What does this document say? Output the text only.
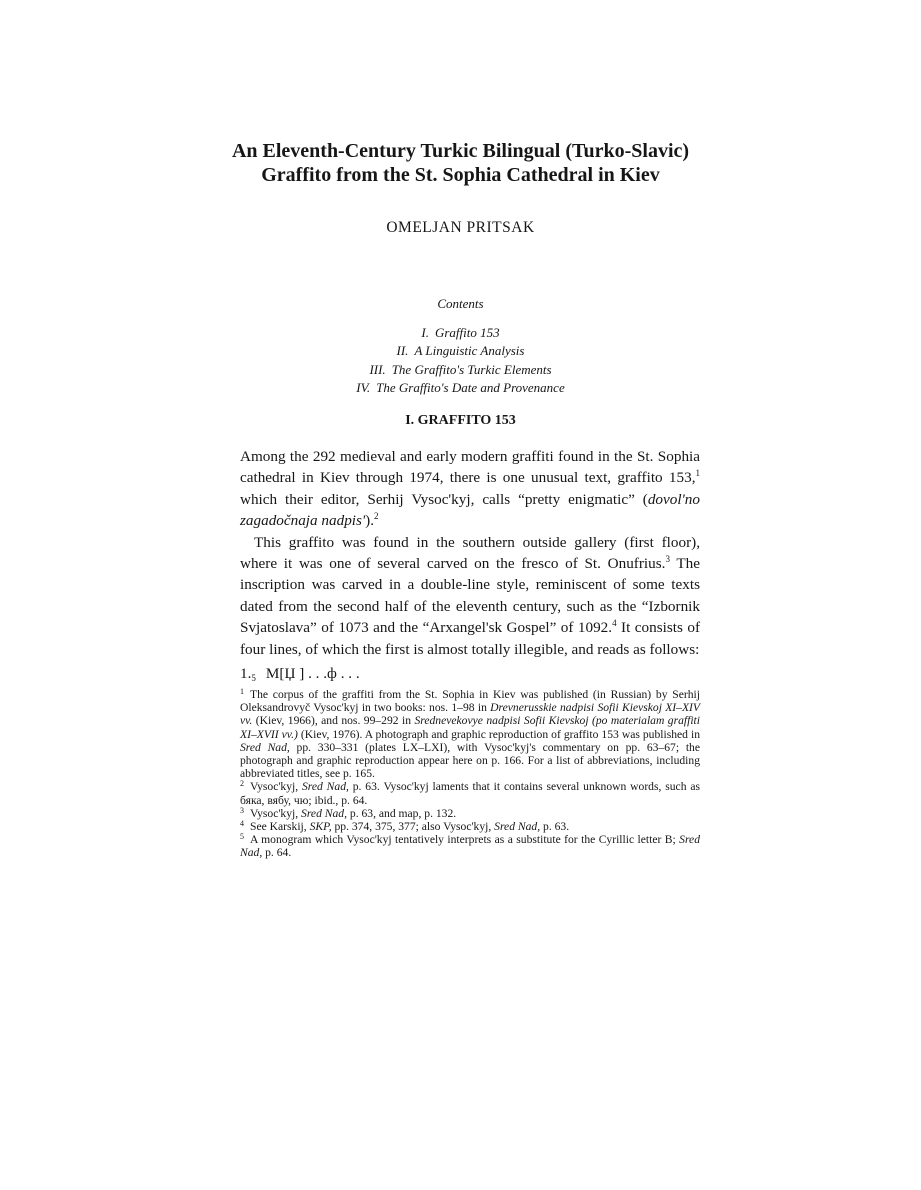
An Eleventh-Century Turkic Bilingual (Turko-Slavic)
Graffito from the St. Sophia Cathedral in Kiev

OMELJAN PRITSAK

Contents
I. Graffito 153
II. A Linguistic Analysis
III. The Graffito's Turkic Elements
IV. The Graffito's Date and Provenance
I. GRAFFITO 153

Among the 292 medieval and early modern graffiti found in the St. Sophia cathedral in Kiev through 1974, there is one unusual text, graffito 153,$^1$ which their editor, Serhij Vysoc'kyj, calls “pretty enigmatic” (dovol'no zagadočnaja nadpis').$^2$

This graffito was found in the southern outside gallery (first floor), where it was one of several carved on the fresco of St. Onufrius.$^3$ The inscription was carved in a double-line style, reminiscent of some texts dated from the second half of the eleventh century, such as the “Izbornik Svjatoslava” of 1073 and the “Arxangel'sk Gospel” of 1092.$^4$ It consists of four lines, of which the first is almost totally illegible, and reads as follows:

$1._5$ M[Џ ] . . .ф . . .

$^1$ The corpus of the graffiti from the St. Sophia in Kiev was published (in Russian) by Serhij Oleksandrovyč Vysoc'kyj in two books: nos. 1–98 in Drevnerusskie nadpisi Sofii Kievskoj XI–XIV vv. (Kiev, 1966), and nos. 99–292 in Srednevekovye nadpisi Sofii Kievskoj (po materialam graffiti XI–XVII vv.) (Kiev, 1976). A photograph and graphic reproduction of graffito 153 was published in Sred Nad, pp. 330–331 (plates LX–LXI), with Vysoc'kyj's commentary on pp. 63–67; the photograph and graphic reproduction appear here on p. 166. For a list of abbreviations, including abbreviated titles, see p. 165.

$^2$ Vysoc'kyj, Sred Nad, p. 63. Vysoc'kyj laments that it contains several unknown words, such as бяка, вябу, чю; ibid., p. 64.

$^3$ Vysoc'kyj, Sred Nad, p. 63, and map, p. 132.

$^4$ See Karskij, SKP, pp. 374, 375, 377; also Vysoc'kyj, Sred Nad, p. 63.

$^5$ A monogram which Vysoc'kyj tentatively interprets as a substitute for the Cyrillic letter B; Sred Nad, p. 64.
